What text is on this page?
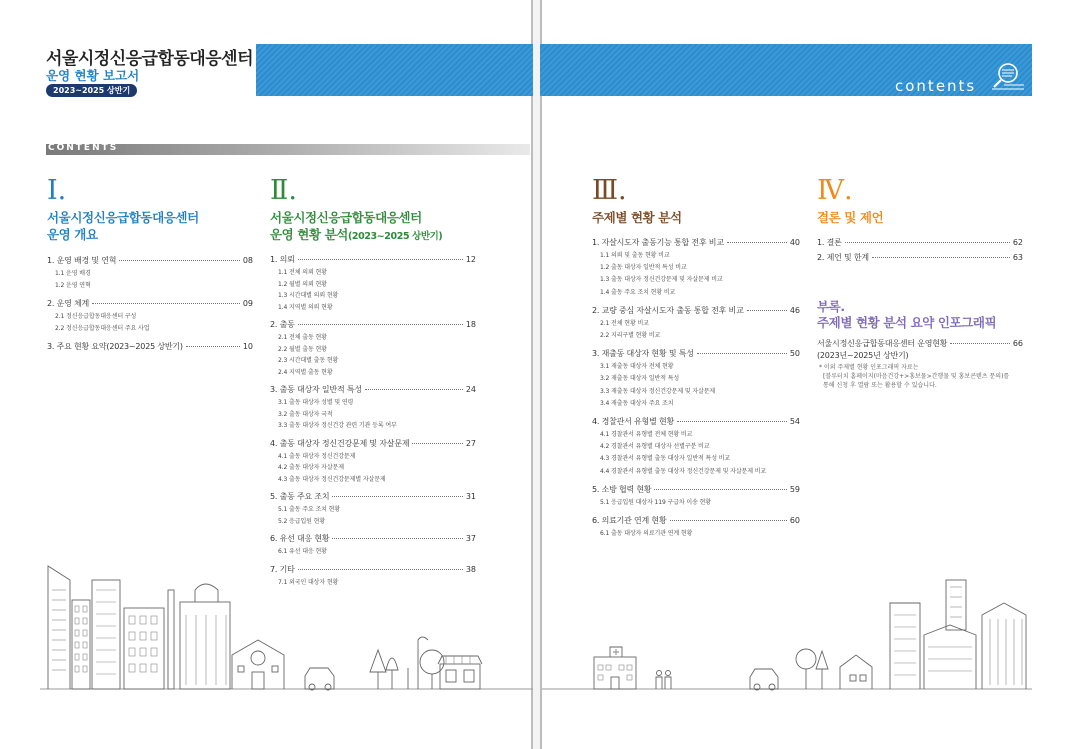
서울시정신응급합동대응센터
운영 현황 보고서
2023~2025 상반기	contents
CONTENTS
Ⅰ.
서울시정신응급합동대응센터
운영 개요
1. 운영 배경 및 연혁	08
1.1 운영 배경
1.2 운영 연혁
2. 운영 체계	09
2.1 정신응급합동대응센터 구성
2.2 정신응급합동대응센터 주요 사업
3. 주요 현황 요약(2023~2025 상반기)	10
Ⅱ.
서울시정신응급합동대응센터
운영 현황 분석(2023~2025 상반기)
1. 의뢰	12
1.1 전체 의뢰 현황
1.2 월별 의뢰 현황
1.3 시간대별 의뢰 현황
1.4 지역별 의뢰 현황
2. 출동	18
2.1 전체 출동 현황
2.2 월별 출동 현황
2.3 시간대별 출동 현황
2.4 지역별 출동 현황
3. 출동 대상자 일반적 특성	24
3.1 출동 대상자 성별 및 연령
3.2 출동 대상자 국적
3.3 출동 대상자 정신건강 관련 기관 등록 여부
4. 출동 대상자 정신건강문제 및 자살문제	27
4.1 출동 대상자 정신건강문제
4.2 출동 대상자 자살문제
4.3 출동 대상자 정신건강문제별 자살문제
5. 출동 주요 조치	31
5.1 출동 주요 조치 현황
5.2 응급입원 현황
6. 유선 대응 현황	37
6.1 유선 대응 현황
7. 기타	38
7.1 외국인 대상자 현황
Ⅲ.
주제별 현황 분석
1. 자살시도자 출동기능 통합 전후 비교	40
1.1 의뢰 및 출동 현황 비교
1.2 출동 대상자 일반적 특성 비교
1.3 출동 대상자 정신건강문제 및 자살문제 비교
1.4 출동 주요 조치 현황 비교
2. 교량 중심 자살시도자 출동 통합 전후 비교	46
2.1 전체 현황 비교
2.2 지리구별 현황 비교
3. 재출동 대상자 현황 및 특성	50
3.1 재출동 대상자 전체 현황
3.2 재출동 대상자 일반적 특성
3.3 재출동 대상자 정신건강문제 및 자살문제
3.4 재출동 대상자 주요 조치
4. 경찰관서 유형별 현황	54
4.1 경찰관서 유형별 전체 현황 비교
4.2 경찰관서 유형별 대상자 선별구분 비교
4.3 경찰관서 유형별 출동 대상자 일반적 특성 비교
4.4 경찰관서 유형별 출동 대상자 정신건강문제 및 자살문제 비교
5. 소방 협력 현황	59
5.1 응급입원 대상자 119 구급차 이송 현황
6. 의료기관 연계 현황	60
6.1 출동 대상자 의료기관 연계 현황
Ⅳ.
결론 및 제언
1. 결론	62
2. 제언 및 한계	63
부록.
주제별 현황 분석 요약 인포그래픽
서울시정신응급합동대응센터 운영현황	66
(2023년~2025년 상반기)
* 이외 주제별 현황 인포그래픽 자료는
[블루터치 홈페이지(마음건강+>홍보물>간행물 및 홍보콘텐츠 문의)를
통해 신청 후 열람 또는 활용할 수 있습니다.
